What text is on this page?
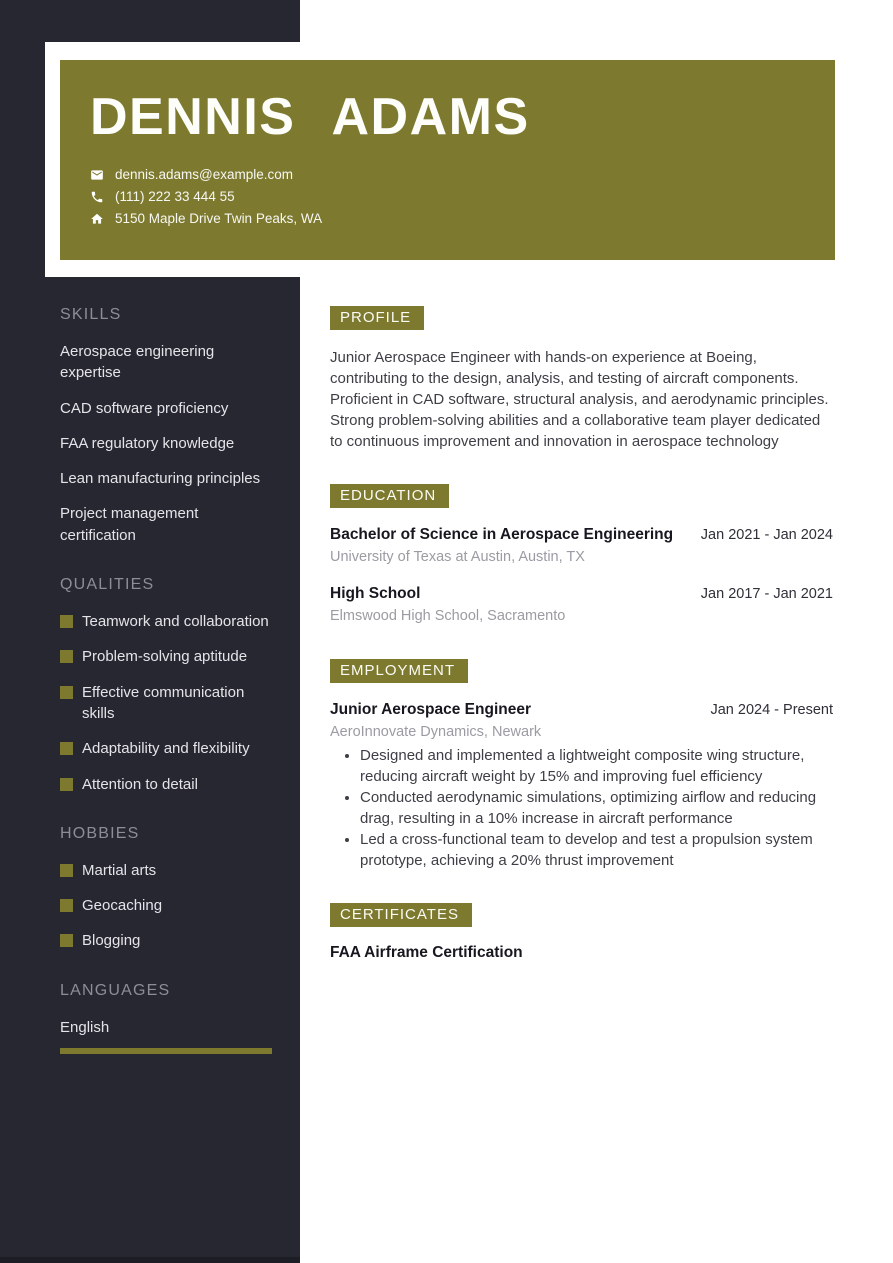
DENNIS ADAMS
dennis.adams@example.com
(111) 222 33 444 55
5150 Maple Drive Twin Peaks, WA
SKILLS
Aerospace engineering expertise
CAD software proficiency
FAA regulatory knowledge
Lean manufacturing principles
Project management certification
QUALITIES
Teamwork and collaboration
Problem-solving aptitude
Effective communication skills
Adaptability and flexibility
Attention to detail
HOBBIES
Martial arts
Geocaching
Blogging
LANGUAGES
English
PROFILE

Junior Aerospace Engineer with hands-on experience at Boeing, contributing to the design, analysis, and testing of aircraft components. Proficient in CAD software, structural analysis, and aerodynamic principles. Strong problem-solving abilities and a collaborative team player dedicated to continuous improvement and innovation in aerospace technology

EDUCATION
Bachelor of Science in Aerospace Engineering	Jan 2021 - Jan 2024
University of Texas at Austin, Austin, TX
High School	Jan 2017 - Jan 2021
Elmswood High School, Sacramento
EMPLOYMENT
Junior Aerospace Engineer	Jan 2024 - Present
AeroInnovate Dynamics, Newark
• Designed and implemented a lightweight composite wing structure, reducing aircraft weight by 15% and improving fuel efficiency
• Conducted aerodynamic simulations, optimizing airflow and reducing drag, resulting in a 10% increase in aircraft performance
• Led a cross-functional team to develop and test a propulsion system prototype, achieving a 20% thrust improvement
CERTIFICATES
FAA Airframe Certification
